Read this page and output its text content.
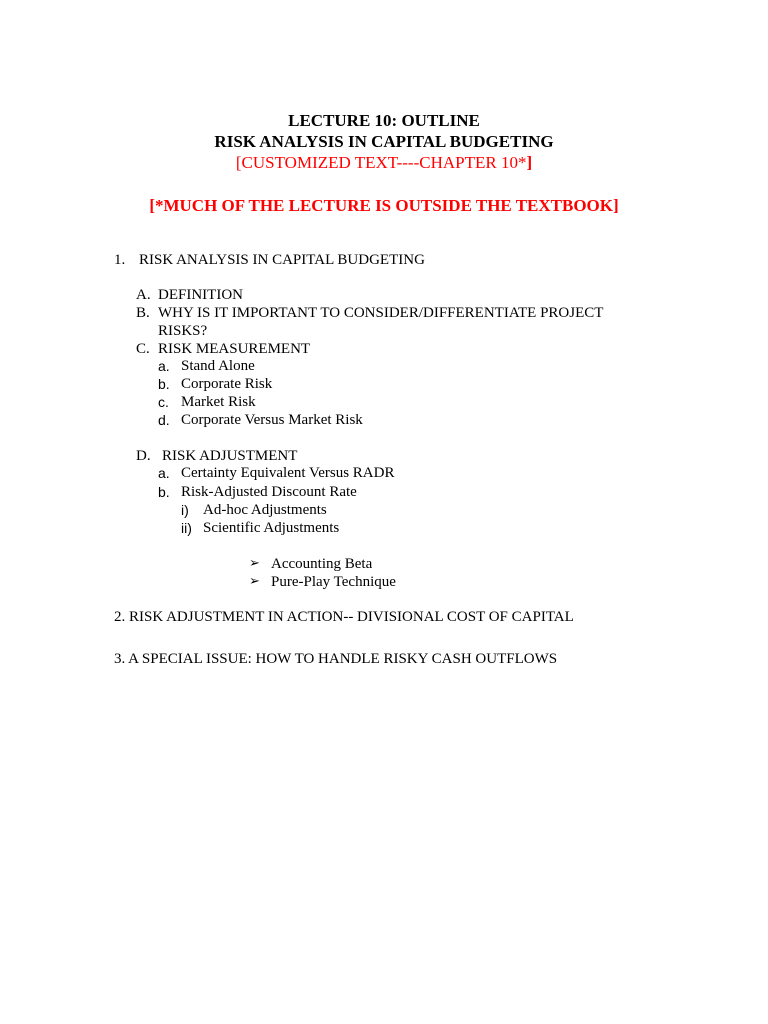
LECTURE 10: OUTLINE
RISK ANALYSIS IN CAPITAL BUDGETING
[CUSTOMIZED TEXT----CHAPTER 10*]
[*MUCH OF THE LECTURE IS OUTSIDE THE TEXTBOOK]
1. RISK ANALYSIS IN CAPITAL BUDGETING
A. DEFINITION
B. WHY IS IT IMPORTANT TO CONSIDER/DIFFERENTIATE PROJECT
RISKS?
C. RISK MEASUREMENT
a. Stand Alone
b. Corporate Risk
c. Market Risk
d. Corporate Versus Market Risk
D. RISK ADJUSTMENT
a. Certainty Equivalent Versus RADR
b. Risk-Adjusted Discount Rate
i) Ad-hoc Adjustments
ii) Scientific Adjustments
➢ Accounting Beta
➢ Pure-Play Technique
2. RISK ADJUSTMENT IN ACTION-- DIVISIONAL COST OF CAPITAL
3. A SPECIAL ISSUE: HOW TO HANDLE RISKY CASH OUTFLOWS
